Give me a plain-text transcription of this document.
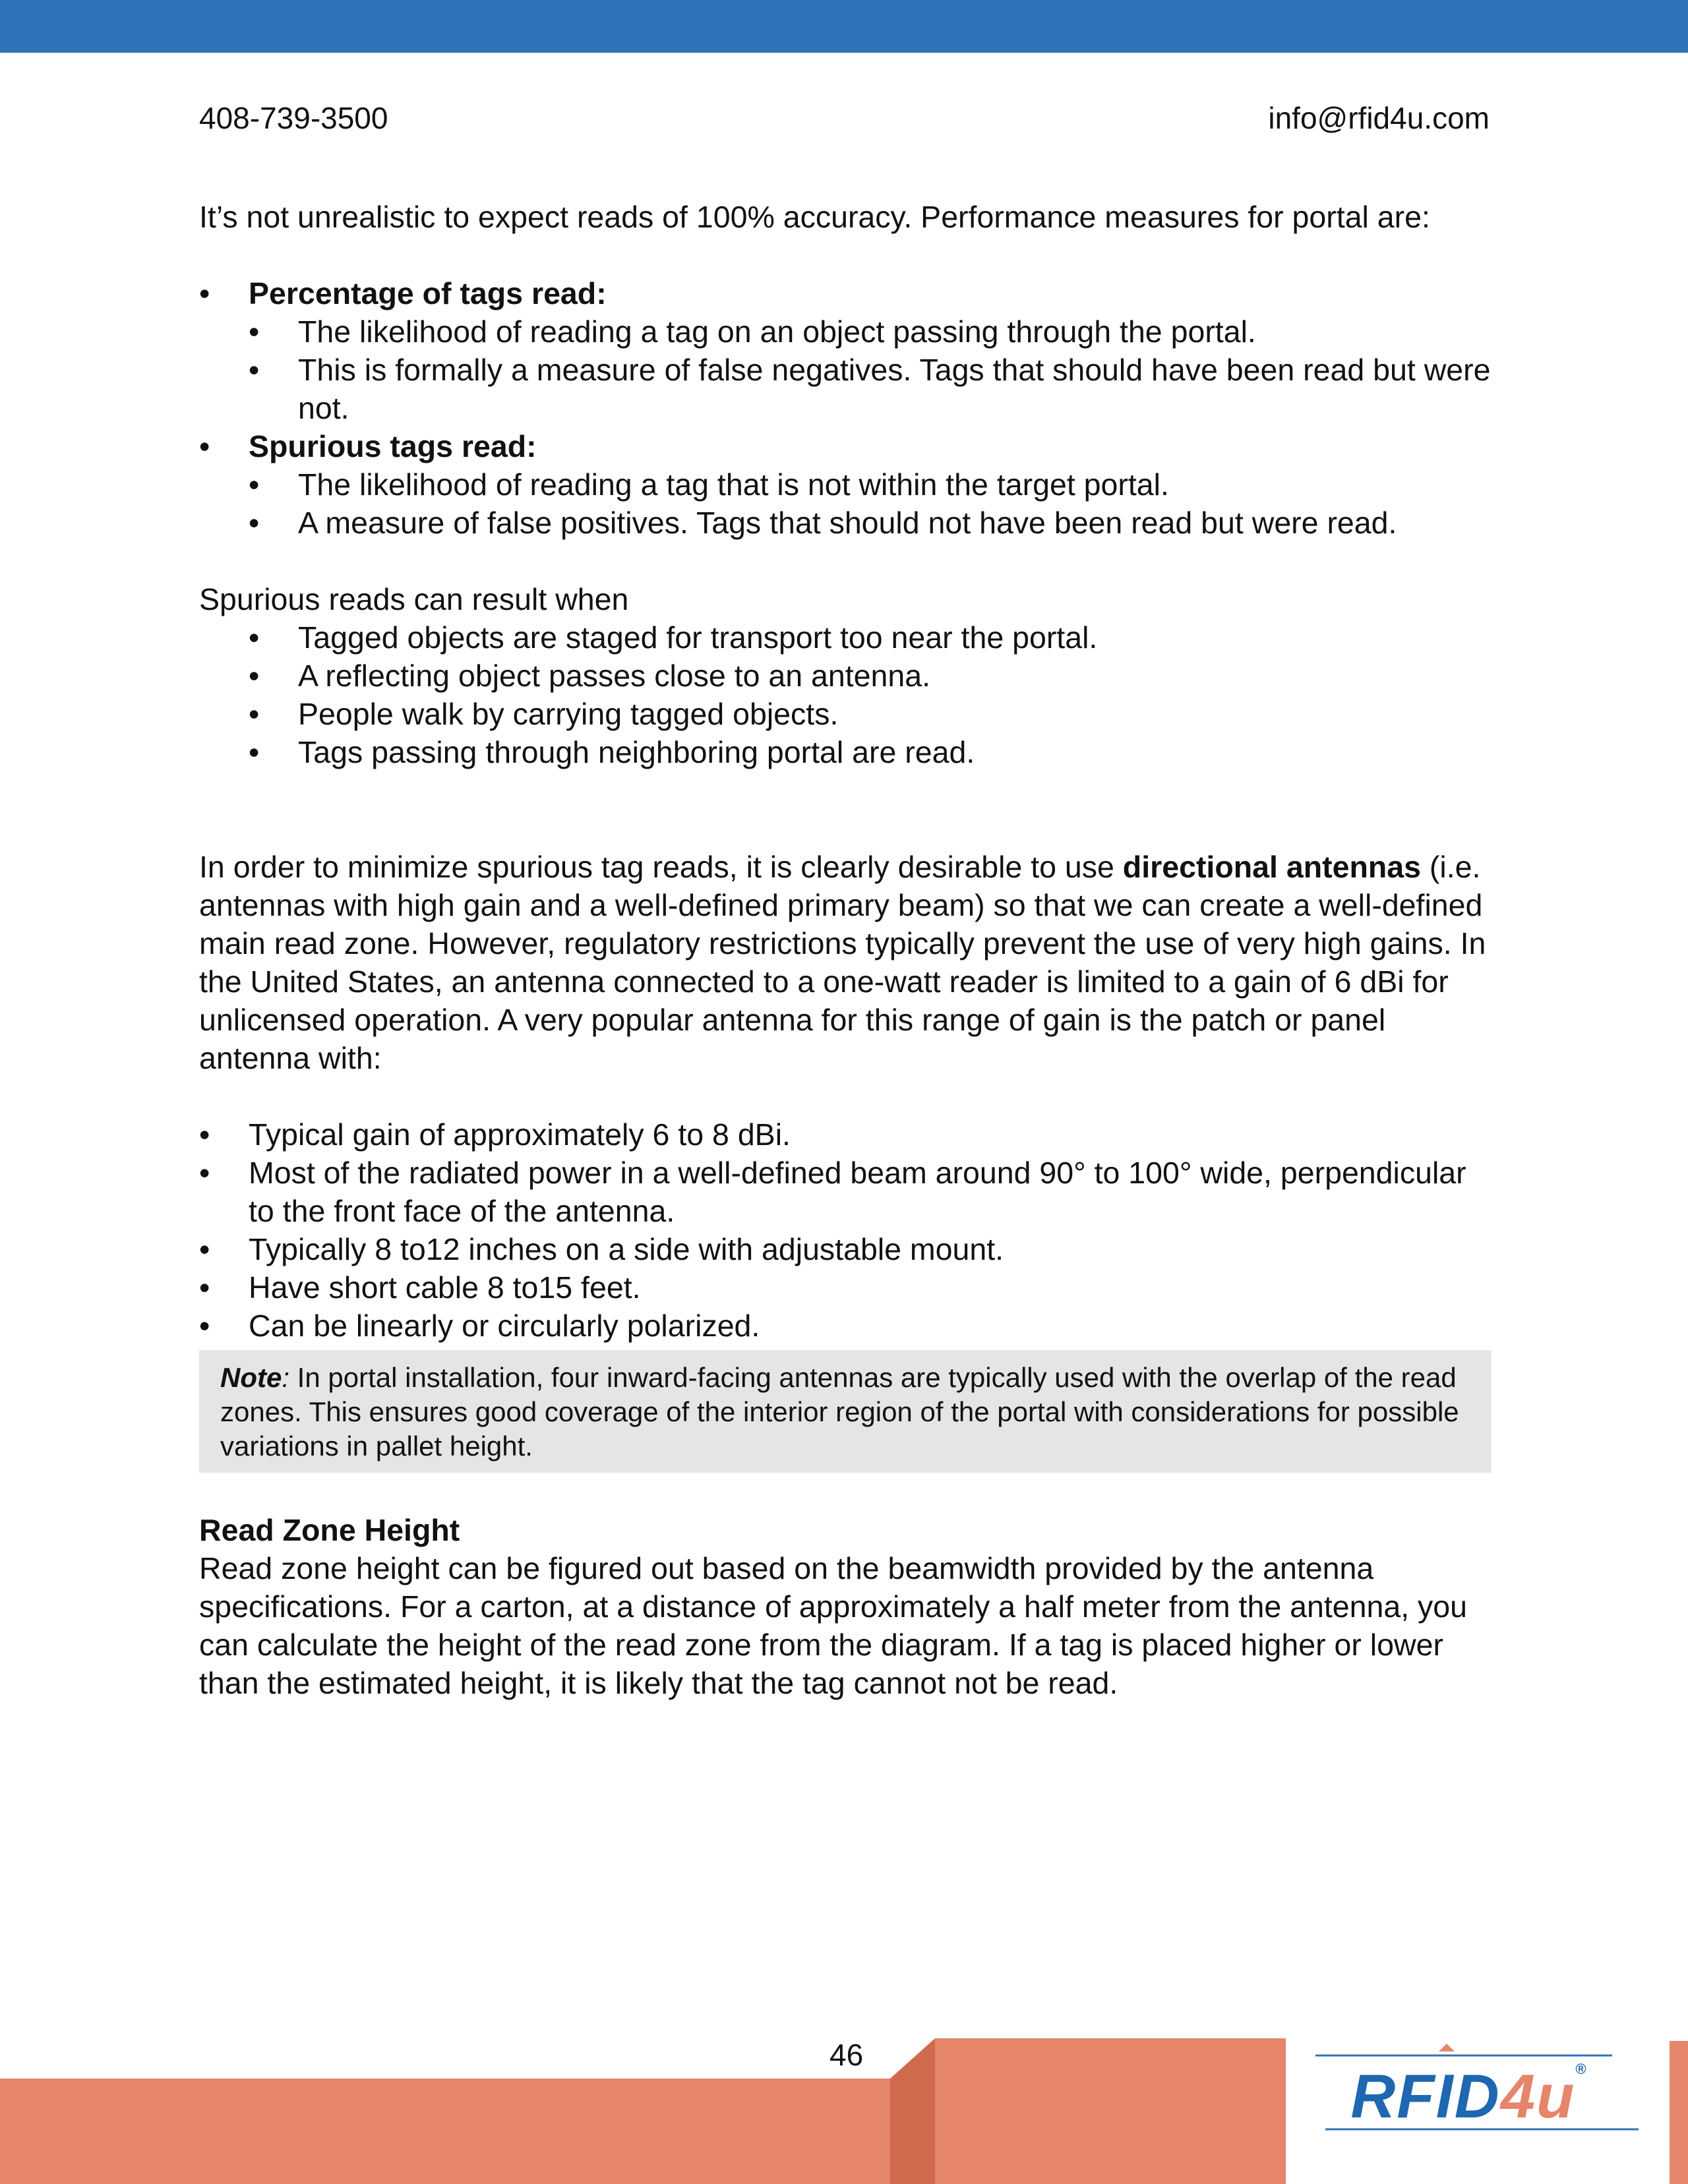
408-739-3500	info@rfid4u.com

It’s not unrealistic to expect reads of 100% accuracy. Performance measures for portal are:

• Percentage of tags read:
• The likelihood of reading a tag on an object passing through the portal.
• This is formally a measure of false negatives. Tags that should have been read but were not.
• Spurious tags read:
• The likelihood of reading a tag that is not within the target portal.
• A measure of false positives. Tags that should not have been read but were read.

Spurious reads can result when

• Tagged objects are staged for transport too near the portal.
• A reflecting object passes close to an antenna.
• People walk by carrying tagged objects.
• Tags passing through neighboring portal are read.

In order to minimize spurious tag reads, it is clearly desirable to use directional antennas (i.e. antennas with high gain and a well-defined primary beam) so that we can create a well-defined main read zone. However, regulatory restrictions typically prevent the use of very high gains. In the United States, an antenna connected to a one-watt reader is limited to a gain of 6 dBi for unlicensed operation. A very popular antenna for this range of gain is the patch or panel antenna with:

• Typical gain of approximately 6 to 8 dBi.
• Most of the radiated power in a well-defined beam around 90° to 100° wide, perpendicular to the front face of the antenna.
• Typically 8 to12 inches on a side with adjustable mount.
• Have short cable 8 to15 feet.
• Can be linearly or circularly polarized.
Note: In portal installation, four inward-facing antennas are typically used with the overlap of the read zones. This ensures good coverage of the interior region of the portal with considerations for possible variations in pallet height.

Read Zone Height

Read zone height can be figured out based on the beamwidth provided by the antenna specifications. For a carton, at a distance of approximately a half meter from the antenna, you can calculate the height of the read zone from the diagram. If a tag is placed higher or lower than the estimated height, it is likely that the tag cannot not be read.

46
RFID4u®
